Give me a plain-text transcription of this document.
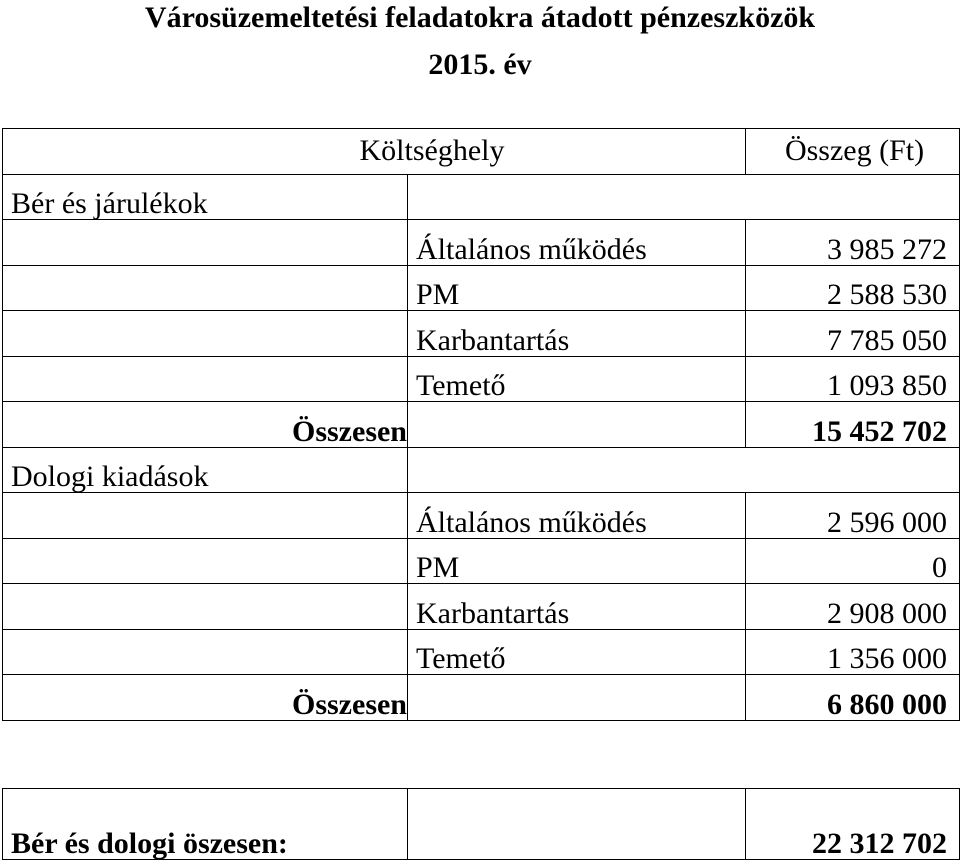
Városüzemeltetési feladatokra átadott pénzeszközök
2015. év
Költséghely		Összeg (Ft)
Bér és járulékok		
	Általános működés	3 985 272
	PM	2 588 530
	Karbantartás	7 785 050
	Temető	1 093 850
Összesen		15 452 702
Dologi kiadások		
	Általános működés	2 596 000
	PM	0
	Karbantartás	2 908 000
	Temető	1 356 000
Összesen		6 860 000
Bér és dologi öszesen:		22 312 702
